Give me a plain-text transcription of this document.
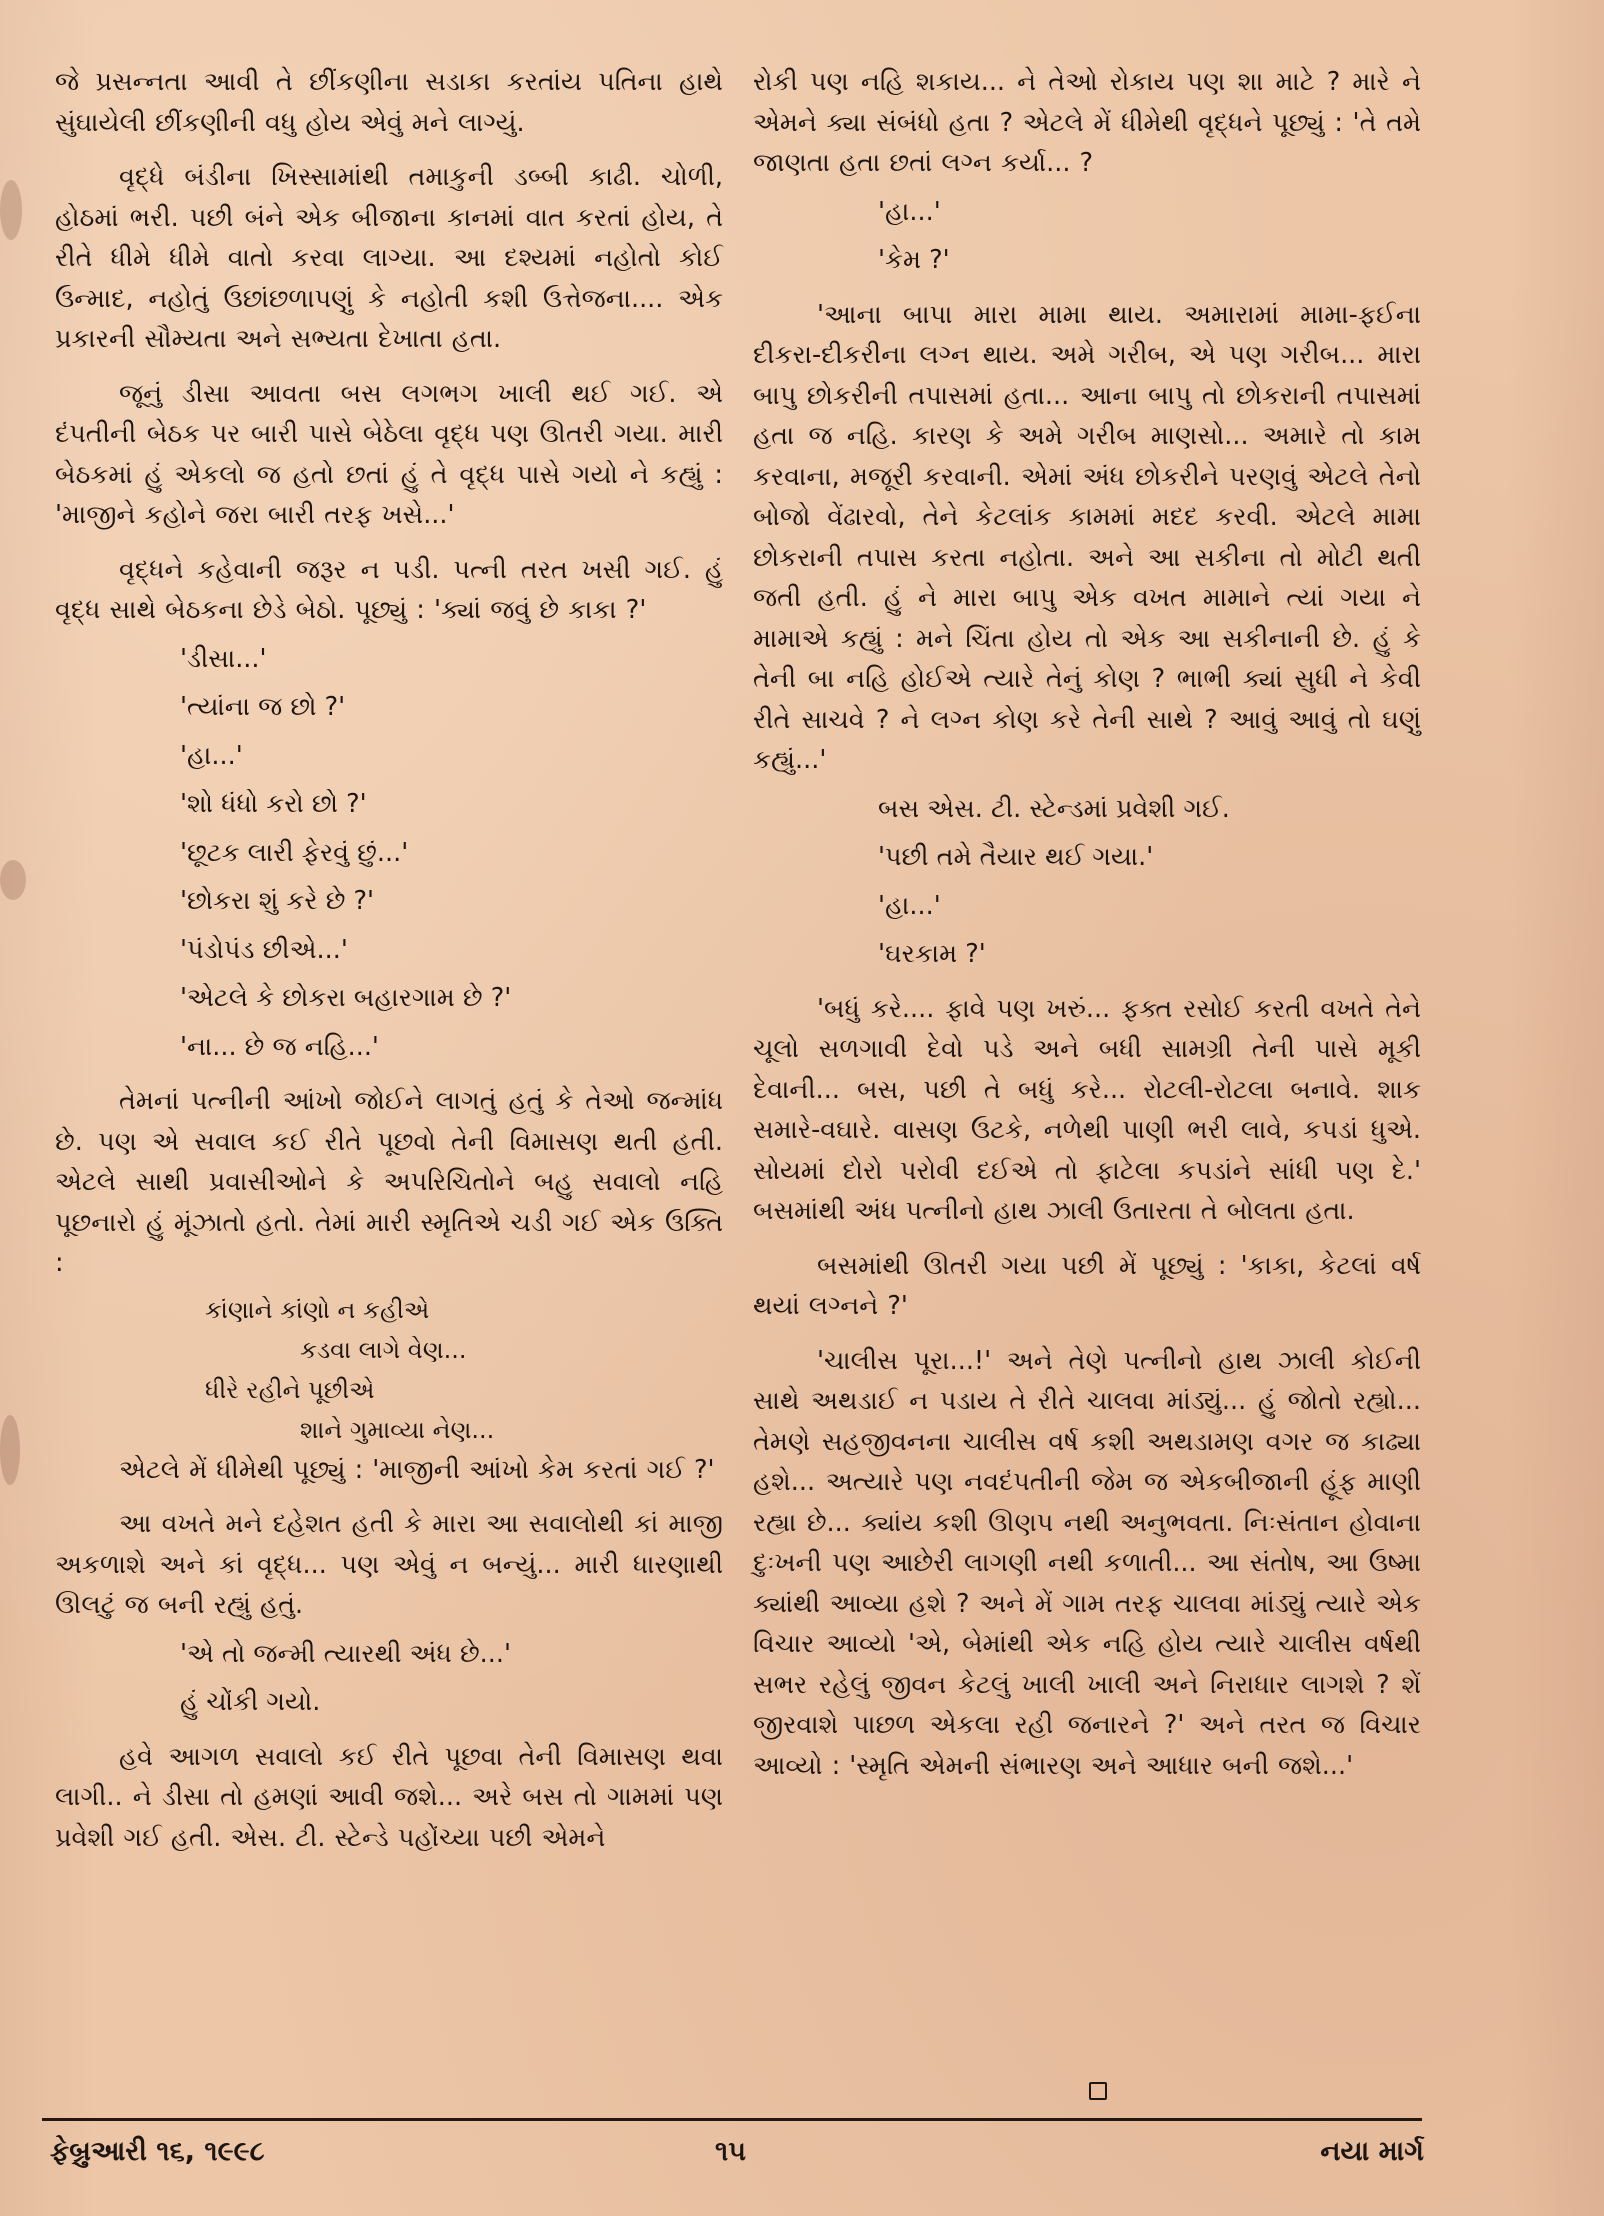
જે પ્રસન્નતા આવી તે છીંકણીના સડાકા કરતાંય પતિના હાથે સુંઘાયેલી છીંકણીની વધુ હોય એવું મને લાગ્યું.

વૃદ્ધે બંડીના ખિસ્સામાંથી તમાકુની ડબ્બી કાઢી. ચોળી, હોઠમાં ભરી. પછી બંને એક બીજાના કાનમાં વાત કરતાં હોય, તે રીતે ધીમે ધીમે વાતો કરવા લાગ્યા. આ દશ્યમાં નહોતો કોઈ ઉન્માદ, નહોતું ઉછાંછળાપણું કે નહોતી કશી ઉત્તેજના.... એક પ્રકારની સૌમ્યતા અને સભ્યતા દેખાતા હતા.

જૂનું ડીસા આવતા બસ લગભગ ખાલી થઈ ગઈ. એ દંપતીની બેઠક પર બારી પાસે બેઠેલા વૃદ્ધ પણ ઊતરી ગયા. મારી બેઠકમાં હું એકલો જ હતો છતાં હું તે વૃદ્ધ પાસે ગયો ને કહ્યું : 'માજીને કહોને જરા બારી તરફ ખસે...'

વૃદ્ધને કહેવાની જરૂર ન પડી. પત્ની તરત ખસી ગઈ. હું વૃદ્ધ સાથે બેઠકના છેડે બેઠો. પૂછ્યું : 'ક્યાં જવું છે કાકા ?'

'ડીસા...'

'ત્યાંના જ છો ?'

'હા...'

'શો ધંધો કરો છો ?'

'છૂટક લારી ફેરવું છું...'

'છોકરા શું કરે છે ?'

'પંડોપંડ છીએ...'

'એટલે કે છોકરા બહારગામ છે ?'

'ના... છે જ નહિ...'

તેમનાં પત્નીની આંખો જોઈને લાગતું હતું કે તેઓ જન્માંધ છે. પણ એ સવાલ કઈ રીતે પૂછવો તેની વિમાસણ થતી હતી. એટલે સાથી પ્રવાસીઓને કે અપરિચિતોને બહુ સવાલો નહિ પૂછનારો હું મૂંઝાતો હતો. તેમાં મારી સ્મૃતિએ ચડી ગઈ એક ઉક્તિ :

કાંણાને કાંણો ન કહીએ
કડવા લાગે વેણ...
ધીરે રહીને પૂછીએ
શાને ગુમાવ્યા નેણ...

એટલે મેં ધીમેથી પૂછ્યું : 'માજીની આંખો કેમ કરતાં ગઈ ?'

આ વખતે મને દહેશત હતી કે મારા આ સવાલોથી કાં માજી અકળાશે અને કાં વૃદ્ધ... પણ એવું ન બન્યું... મારી ધારણાથી ઊલટું જ બની રહ્યું હતું.

'એ તો જન્મી ત્યારથી અંધ છે...'

હું ચોંકી ગયો.

હવે આગળ સવાલો કઈ રીતે પૂછવા તેની વિમાસણ થવા લાગી.. ને ડીસા તો હમણાં આવી જશે... અરે બસ તો ગામમાં પણ પ્રવેશી ગઈ હતી. એસ. ટી. સ્ટેન્ડે પહોંચ્યા પછી એમને

રોકી પણ નહિ શકાય... ને તેઓ રોકાય પણ શા માટે ? મારે ને એમને ક્યા સંબંધો હતા ? એટલે મેં ધીમેથી વૃદ્ધને પૂછ્યું : 'તે તમે જાણતા હતા છતાં લગ્ન કર્યા... ?

'હા...'

'કેમ ?'

'આના બાપા મારા મામા થાય. અમારામાં મામા-ફઈના દીકરા-દીકરીના લગ્ન થાય. અમે ગરીબ, એ પણ ગરીબ... મારા બાપુ છોકરીની તપાસમાં હતા... આના બાપુ તો છોકરાની તપાસમાં હતા જ નહિ. કારણ કે અમે ગરીબ માણસો... અમારે તો કામ કરવાના, મજૂરી કરવાની. એમાં અંધ છોકરીને પરણવું એટલે તેનો બોજો વેંઢારવો, તેને કેટલાંક કામમાં મદદ કરવી. એટલે મામા છોકરાની તપાસ કરતા નહોતા. અને આ સકીના તો મોટી થતી જતી હતી. હું ને મારા બાપુ એક વખત મામાને ત્યાં ગયા ને મામાએ કહ્યું : મને ચિંતા હોય તો એક આ સકીનાની છે. હું કે તેની બા નહિ હોઈએ ત્યારે તેનું કોણ ? ભાભી ક્યાં સુધી ને કેવી રીતે સાચવે ? ને લગ્ન કોણ કરે તેની સાથે ? આવું આવું તો ઘણું કહ્યું...'

બસ એસ. ટી. સ્ટેન્ડમાં પ્રવેશી ગઈ.

'પછી તમે તૈયાર થઈ ગયા.'

'હા...'

'ઘરકામ ?'

'બધું કરે.... ફાવે પણ ખરું... ફક્ત રસોઈ કરતી વખતે તેને ચૂલો સળગાવી દેવો પડે અને બધી સામગ્રી તેની પાસે મૂકી દેવાની... બસ, પછી તે બધું કરે... રોટલી-રોટલા બનાવે. શાક સમારે-વઘારે. વાસણ ઉટકે, નળેથી પાણી ભરી લાવે, કપડાં ધુએ. સોયમાં દોરો પરોવી દઈએ તો ફાટેલા કપડાંને સાંધી પણ દે.' બસમાંથી અંધ પત્નીનો હાથ ઝાલી ઉતારતા તે બોલતા હતા.

બસમાંથી ઊતરી ગયા પછી મેં પૂછ્યું : 'કાકા, કેટલાં વર્ષ થયાં લગ્નને ?'

'ચાલીસ પૂરા...!' અને તેણે પત્નીનો હાથ ઝાલી કોઈની સાથે અથડાઈ ન પડાય તે રીતે ચાલવા માંડ્યું... હું જોતો રહ્યો... તેમણે સહજીવનના ચાલીસ વર્ષ કશી અથડામણ વગર જ કાઢ્યા હશે... અત્યારે પણ નવદંપતીની જેમ જ એકબીજાની હૂંફ માણી રહ્યા છે... ક્યાંય કશી ઊણપ નથી અનુભવતા. નિઃસંતાન હોવાના દુઃખની પણ આછેરી લાગણી નથી કળાતી... આ સંતોષ, આ ઉષ્મા ક્યાંથી આવ્યા હશે ? અને મેં ગામ તરફ ચાલવા માંડ્યું ત્યારે એક વિચાર આવ્યો 'એ, બેમાંથી એક નહિ હોય ત્યારે ચાલીસ વર્ષથી સભર રહેલું જીવન કેટલું ખાલી ખાલી અને નિરાધાર લાગશે ? શેં જીરવાશે પાછળ એકલા રહી જનારને ?' અને તરત જ વિચાર આવ્યો : 'સ્મૃતિ એમની સંભારણ અને આધાર બની જશે...'

ફેબ્રુઆરી ૧૬, ૧૯૯૮	૧૫	નયા માર્ગ
